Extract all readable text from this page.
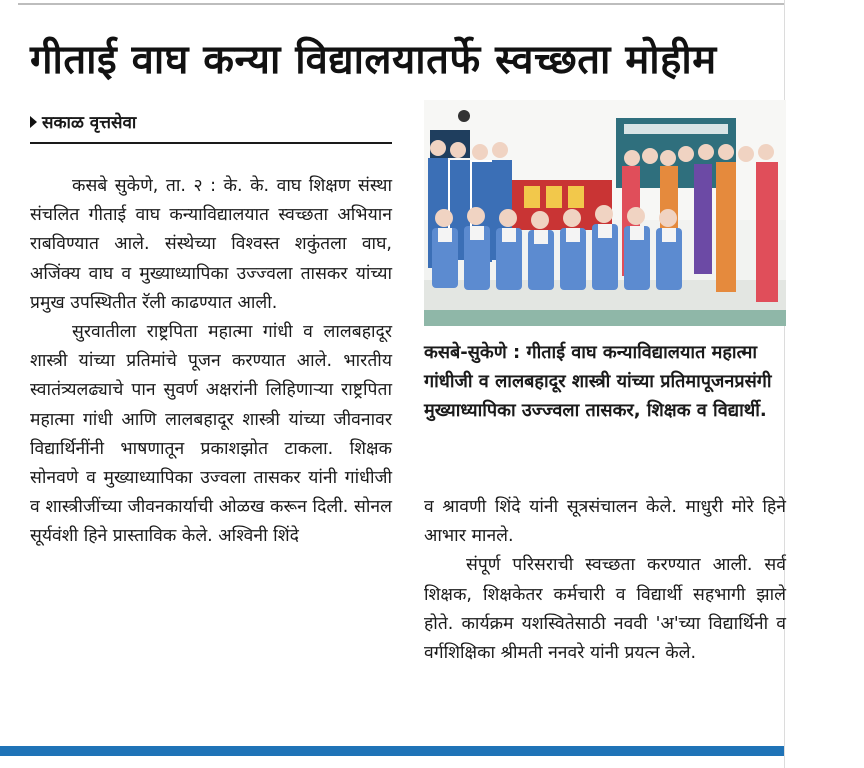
गीताई वाघ कन्या विद्यालयातर्फे स्वच्छता मोहीम
सकाळ वृत्तसेवा

कसबे सुकेणे, ता. २ : के. के. वाघ शिक्षण संस्था संचलित गीताई वाघ कन्याविद्यालयात स्वच्छता अभियान राबविण्यात आले. संस्थेच्या विश्वस्त शकुंतला वाघ, अजिंक्य वाघ व मुख्याध्यापिका उज्ज्वला तासकर यांच्या प्रमुख उपस्थितीत रॅली काढण्यात आली.

सुरवातीला राष्ट्रपिता महात्मा गांधी व लालबहादूर शास्त्री यांच्या प्रतिमांचे पूजन करण्यात आले. भारतीय स्वातंत्र्यलढ्याचे पान सुवर्ण अक्षरांनी लिहिणाऱ्या राष्ट्रपिता महात्मा गांधी आणि लालबहादूर शास्त्री यांच्या जीवनावर विद्यार्थिनींनी भाषणातून प्रकाशझोत टाकला. शिक्षक सोनवणे व मुख्याध्यापिका उज्वला तासकर यांनी गांधीजी व शास्त्रीजींच्या जीवनकार्याची ओळख करून दिली. सोनल सूर्यवंशी हिने प्रास्ताविक केले. अश्विनी शिंदे

कसबे-सुकेणे : गीताई वाघ कन्याविद्यालयात महात्मा गांधीजी व लालबहादूर शास्त्री यांच्या प्रतिमापूजनप्रसंगी मुख्याध्यापिका उज्ज्वला तासकर, शिक्षक व विद्यार्थी.

व श्रावणी शिंदे यांनी सूत्रसंचालन केले. माधुरी मोरे हिने आभार मानले.

संपूर्ण परिसराची स्वच्छता करण्यात आली. सर्व शिक्षक, शिक्षकेतर कर्मचारी व विद्यार्थी सहभागी झाले होते. कार्यक्रम यशस्वितेसाठी नववी 'अ'च्या विद्यार्थिनी व वर्गशिक्षिका श्रीमती ननवरे यांनी प्रयत्न केले.
